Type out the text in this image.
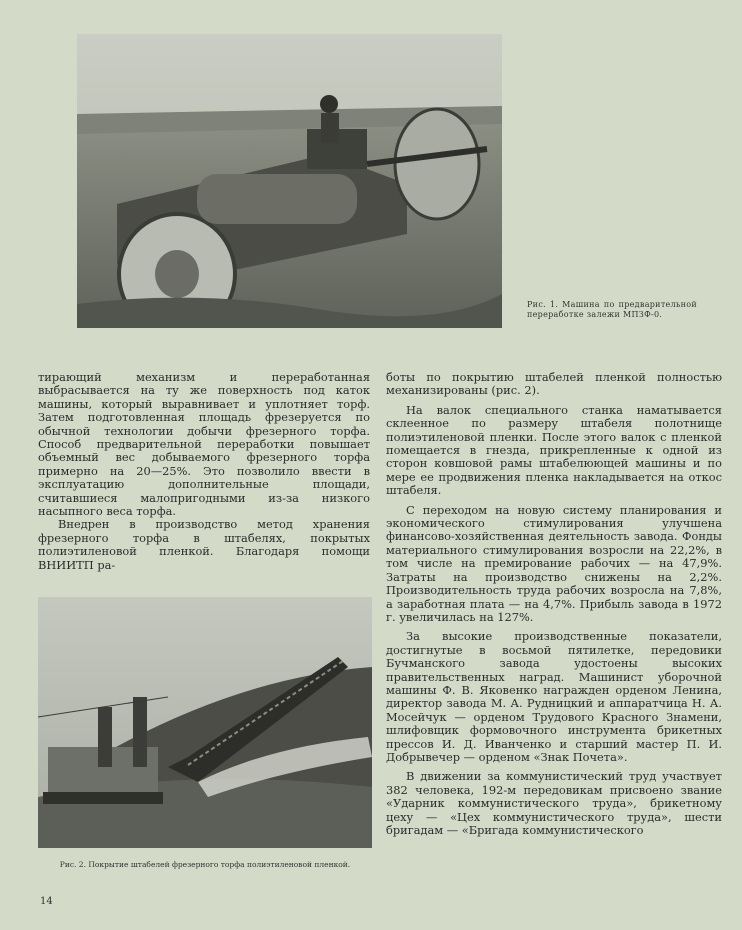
Рис. 1. Машина по предварительной переработке залежи МПЗФ-0.

тирающий механизм и переработанная выбрасывается на ту же поверхность под каток машины, который выравнивает и уплотняет торф. Затем подготовленная площадь фрезеруется по обычной технологии добычи фрезерного торфа. Способ предварительной переработки повышает объемный вес добываемого фрезерного торфа примерно на 20—25%. Это позволило ввести в эксплуатацию дополнительные площади, считавшиеся малопригодными из-за низкого насыпного веса торфа.

Внедрен в производство метод хранения фрезерного торфа в штабелях, покрытых полиэтиленовой пленкой. Благодаря помощи ВНИИТП ра-

Рис. 2. Покрытие штабелей фрезерного торфа полиэтиленовой пленкой.

боты по покрытию штабелей пленкой полностью механизированы (рис. 2).

На валок специального станка наматывается склеенное по размеру штабеля полотнище полиэтиленовой пленки. После этого валок с пленкой помещается в гнезда, прикрепленные к одной из сторон ковшовой рамы штабелюющей машины и по мере ее продвижения пленка накладывается на откос штабеля.

С переходом на новую систему планирования и экономического стимулирования улучшена финансово-хозяйственная деятельность завода. Фонды материального стимулирования возросли на 22,2%, в том числе на премирование рабочих — на 47,9%. Затраты на производство снижены на 2,2%. Производительность труда рабочих возросла на 7,8%, а заработная плата — на 4,7%. Прибыль завода в 1972 г. увеличилась на 127%.

За высокие производственные показатели, достигнутые в восьмой пятилетке, передовики Бучманского завода удостоены высоких правительственных наград. Машинист уборочной машины Ф. В. Яковенко награжден орденом Ленина, директор завода М. А. Рудницкий и аппаратчица Н. А. Мосейчук — орденом Трудового Красного Знамени, шлифовщик формовочного инструмента брикетных прессов И. Д. Иванченко и старший мастер П. И. Добрывечер — орденом «Знак Почета».

В движении за коммунистический труд участвует 382 человека, 192-м передовикам присвоено звание «Ударник коммунистического труда», брикетному цеху — «Цех коммунистического труда», шести бригадам — «Бригада коммунистического

14
